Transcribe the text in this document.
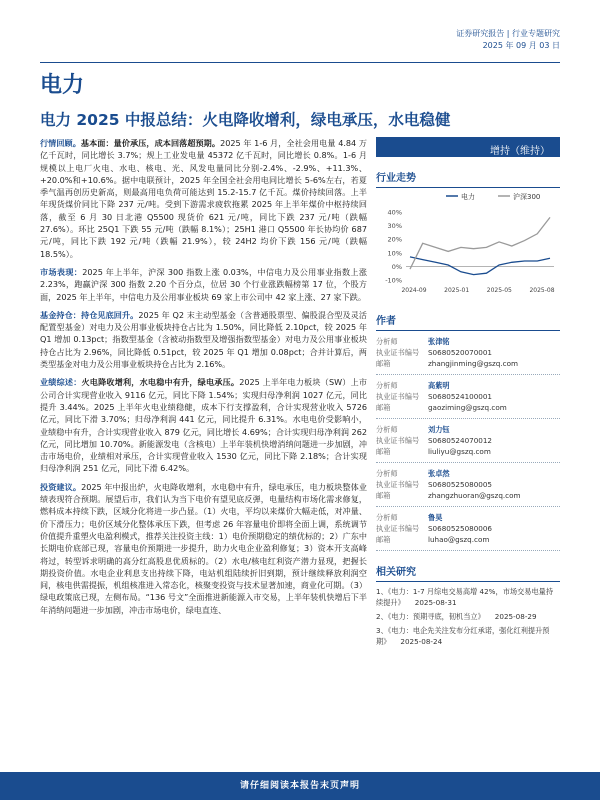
证券研究报告 | 行业专题研究
2025 年 09 月 03 日
电力
电力 2025 中报总结：火电降收增利，绿电承压，水电稳健

行情回顾。基本面：量价承压，成本回落超预期。2025 年 1-6 月，全社会用电量 4.84 万亿千瓦时，同比增长 3.7%；规上工业发电量 45372 亿千瓦时，同比增长 0.8%。1-6 月规模以上电厂火电、水电、核电、光、风发电量同比分别-2.4%、-2.9%、+11.3%、+20.0%和+10.6%。据中电联预计，2025 年全国全社会用电同比增长 5-6%左右，若夏季气温再创历史新高，则最高用电负荷可能达到 15.2-15.7 亿千瓦。煤价持续回落。上半年现货煤价同比下降 237 元/吨。受到下游需求疲软拖累 2025 年上半年煤价中枢持续回落，截至 6 月 30 日北港 Q5500 现货价 621 元/吨，同比下跌 237 元/吨（跌幅 27.6%）。环比 25Q1 下跌 55 元/吨（跌幅 8.1%）；25H1 港口 Q5500 年长协均价 687 元/吨，同比下跌 192 元/吨（跌幅 21.9%），较 24H2 均价下跌 156 元/吨（跌幅 18.5%）。

市场表现：2025 年上半年，沪深 300 指数上涨 0.03%，中信电力及公用事业指数上涨 2.23%，跑赢沪深 300 指数 2.20 个百分点，位居 30 个行业涨跌幅榜第 17 位，个股方面，2025 年上半年，中信电力及公用事业板块 69 家上市公司中 42 家上涨、27 家下跌。

基金持仓：持仓见底回升。2025 年 Q2 末主动型基金（含普通股票型、偏股混合型及灵活配置型基金）对电力及公用事业板块持仓占比为 1.50%，同比降低 2.10pct，较 2025 年 Q1 增加 0.13pct；指数型基金（含被动指数型及增强指数型基金）对电力及公用事业板块持仓占比为 2.96%，同比降低 0.51pct，较 2025 年 Q1 增加 0.08pct；合并计算后，两类型基金对电力及公用事业板块持仓占比为 2.16%。

业绩综述：火电降收增利，水电稳中有升，绿电承压。2025 上半年电力板块（SW）上市公司合计实现营业收入 9116 亿元，同比下降 1.54%；实现归母净利润 1027 亿元，同比提升 3.44%。2025 上半年火电业绩稳健，成本下行支撑盈利，合计实现营业收入 5726 亿元，同比下滑 3.70%；归母净利润 441 亿元，同比提升 6.31%。水电电价受影响小，业绩稳中有升，合计实现营业收入 879 亿元，同比增长 4.69%；合计实现归母净利润 262 亿元，同比增加 10.70%。新能源发电（含核电）上半年装机快增消纳问题进一步加剧，冲击市场电价，业绩相对承压，合计实现营业收入 1530 亿元，同比下降 2.18%；合计实现归母净利润 251 亿元，同比下滑 6.42%。

投资建议。2025 年中报出炉，火电降收增利，水电稳中有升，绿电承压，电力板块整体业绩表现符合预期。展望后市，我们认为当下电价有望见底反弹，电量结构市场化需求修复，燃料成本持续下跌，区域分化将进一步凸显。（1）火电，平均以来煤价大幅走低，对冲量、价下滑压力；电价区域分化整体承压下跌，但考虑 26 年容量电价即将全面上调，系统调节价值提升重塑火电盈利模式，推荐关注投资主线：1）电价预期稳定的绩优标的；2）广东中长期电价底部已现，容量电价预期进一步提升，助力火电企业盈利修复；3）资本开支高峰将过，转型诉求明确的高分红高股息优质标的。（2）水电/核电红利资产潜力显现，把握长期投资价值。水电企业利息支出持续下降，电站机组陆续折旧到期，预计继续释放利润空间，核电供需提振，机组核准进入常态化，核聚变投资与技术显著加速，商业化可期。（3）绿电政策底已现，左侧布局。“136 号文”全面推进新能源入市交易，上半年装机快增后下半年消纳问题进一步加剧，冲击市场电价，绿电直连、

增持（维持）
行业走势
电力	沪深300
40%
30%
20%
10%
0%
-10%
2024-09	2025-01	2025-05	2025-08
作者
分析师	张津铭
执业证书编号	S0680520070001
邮箱	zhangjinming@gszq.com
分析师	高紫明
执业证书编号	S0680524100001
邮箱	gaoziming@gszq.com
分析师	刘力钰
执业证书编号	S0680524070012
邮箱	liuliyu@gszq.com
分析师	张卓然
执业证书编号	S0680525080005
邮箱	zhangzhuoran@gszq.com
分析师	鲁昊
执业证书编号	S0680525080006
邮箱	luhao@gszq.com
相关研究
1、《电力：1-7 月综电交易高增 42%，市场交易电量持续提升》 2025-08-31
2、《电力：预期寻底，韧机当立》 2025-08-29
3、《电力：电企先关注发布分红承诺，强化红利提升预期》 2025-08-24
请仔细阅读本报告末页声明
